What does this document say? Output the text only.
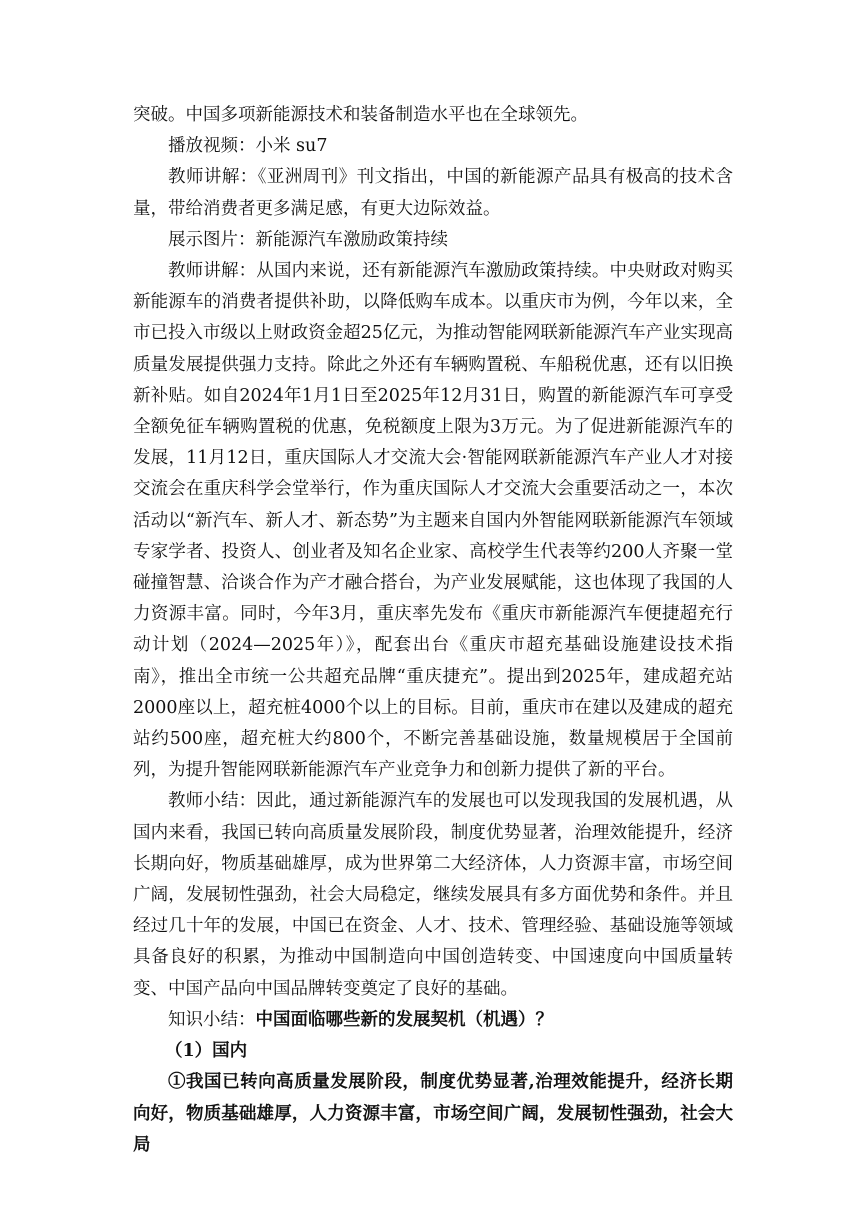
突破。中国多项新能源技术和装备制造水平也在全球领先。

播放视频：小米 su7

教师讲解：《亚洲周刊》刊文指出，中国的新能源产品具有极高的技术含量，带给消费者更多满足感，有更大边际效益。

展示图片：新能源汽车激励政策持续

教师讲解：从国内来说，还有新能源汽车激励政策持续。中央财政对购买新能源车的消费者提供补助，以降低购车成本。以重庆市为例，今年以来，全市已投入市级以上财政资金超25亿元，为推动智能网联新能源汽车产业实现高质量发展提供强力支持。除此之外还有车辆购置税、车船税优惠，还有以旧换新补贴。如自2024年1月1日至2025年12月31日，购置的新能源汽车可享受全额免征车辆购置税的优惠，免税额度上限为3万元。为了促进新能源汽车的发展，11月12日，重庆国际人才交流大会·智能网联新能源汽车产业人才对接交流会在重庆科学会堂举行，作为重庆国际人才交流大会重要活动之一，本次活动以“新汽车、新人才、新态势”为主题来自国内外智能网联新能源汽车领域专家学者、投资人、创业者及知名企业家、高校学生代表等约200人齐聚一堂碰撞智慧、洽谈合作为产才融合搭台，为产业发展赋能，这也体现了我国的人力资源丰富。同时，今年3月，重庆率先发布《重庆市新能源汽车便捷超充行动计划（2024—2025年）》，配套出台《重庆市超充基础设施建设技术指南》，推出全市统一公共超充品牌“重庆捷充”。提出到2025年，建成超充站2000座以上，超充桩4000个以上的目标。目前，重庆市在建以及建成的超充站约500座，超充桩大约800个，不断完善基础设施，数量规模居于全国前列，为提升智能网联新能源汽车产业竞争力和创新力提供了新的平台。

教师小结：因此，通过新能源汽车的发展也可以发现我国的发展机遇，从国内来看，我国已转向高质量发展阶段，制度优势显著，治理效能提升，经济长期向好，物质基础雄厚，成为世界第二大经济体，人力资源丰富，市场空间广阔，发展韧性强劲，社会大局稳定，继续发展具有多方面优势和条件。并且经过几十年的发展，中国已在资金、人才、技术、管理经验、基础设施等领域具备良好的积累，为推动中国制造向中国创造转变、中国速度向中国质量转变、中国产品向中国品牌转变奠定了良好的基础。

知识小结：中国面临哪些新的发展契机（机遇）？

（1）国内

①我国已转向高质量发展阶段，制度优势显著,治理效能提升，经济长期向好，物质基础雄厚，人力资源丰富，市场空间广阔，发展韧性强劲，社会大局
